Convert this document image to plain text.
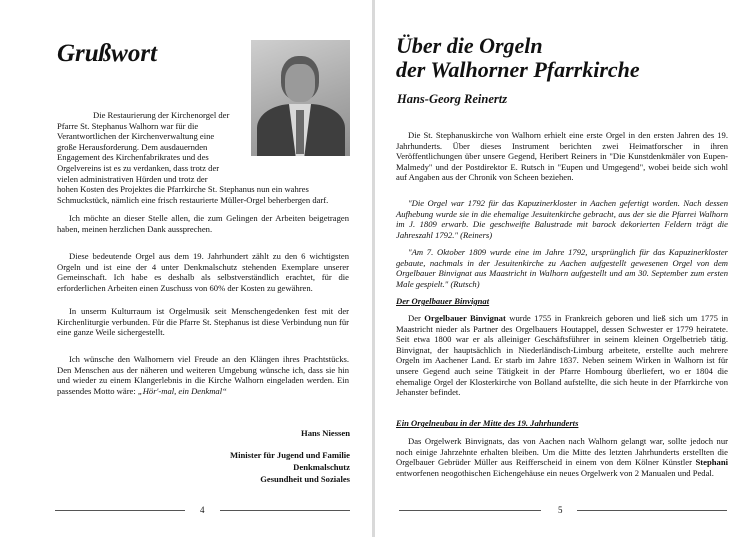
Grußwort

Die Restaurierung der Kirchenorgel der
Pfarre St. Stephanus Walhorn war für die
Verantwortlichen der Kirchenverwaltung eine
große Herausforderung. Dem ausdauernden
Engagement des Kirchenfabrikrates und des
Orgelvereins ist es zu verdanken, dass trotz der
vielen administrativen Hürden und trotz der
hohen Kosten des Projektes die Pfarrkirche St. Stephanus nun ein wahres
Schmuckstück, nämlich eine frisch restaurierte Müller-Orgel beherbergen darf.

Ich möchte an dieser Stelle allen, die zum Gelingen der Arbeiten beigetragen haben, meinen herzlichen Dank aussprechen.

Diese bedeutende Orgel aus dem 19. Jahrhundert zählt zu den 6 wichtigsten Orgeln und ist eine der 4 unter Denkmalschutz stehenden Exemplare unserer Gemeinschaft. Ich habe es deshalb als selbstverständlich erachtet, für die erforderlichen Arbeiten einen Zuschuss von 60% der Kosten zu gewähren.

In unserm Kulturraum ist Orgelmusik seit Menschengedenken fest mit der Kirchenliturgie verbunden. Für die Pfarre St. Stephanus ist diese Verbindung nun für eine ganze Weile sichergestellt.

Ich wünsche den Walhornern viel Freude an den Klängen ihres Prachtstücks. Den Menschen aus der näheren und weiteren Umgebung wünsche ich, dass sie hin und wieder zu einem Klangerlebnis in die Kirche Walhorn eingeladen werden. Ein passendes Motto wäre: „Hör'-mal, ein Denkmal“

Hans Niessen

Minister für Jugend und Familie
Denkmalschutz
Gesundheit und Soziales

4
Über die Orgeln
der Walhorner Pfarrkirche
Hans-Georg Reinertz

Die St. Stephanuskirche von Walhorn erhielt eine erste Orgel in den ersten Jahren des 19. Jahrhunderts. Über dieses Instrument berichten zwei Heimatforscher in ihren Veröffentlichungen über unsere Gegend, Heribert Reiners in "Die Kunstdenkmäler von Eupen-Malmedy" und der Postdirektor E. Rutsch in "Eupen und Umgegend", wobei beide sich wohl auf Angaben aus der Chronik von Scheen beziehen.

"Die Orgel war 1792 für das Kapuzinerkloster in Aachen gefertigt worden. Nach dessen Aufhebung wurde sie in die ehemalige Jesuitenkirche gebracht, aus der sie die Pfarrei Walhorn im J. 1809 erwarb. Die geschweifte Balustrade mit barock dekorierten Feldern trägt die Jahreszahl 1792." (Reiners)

"Am 7. Oktober 1809 wurde eine im Jahre 1792, ursprünglich für das Kapuzinerkloster gebaute, nachmals in der Jesuitenkirche zu Aachen aufgestellt gewesenen Orgel von dem Orgelbauer Binvignat aus Maastricht in Walhorn aufgestellt und am 30. September zum ersten Male gespielt." (Rutsch)

Der Orgelbauer Binvignat

Der Orgelbauer Binvignat wurde 1755 in Frankreich geboren und ließ sich um 1775 in Maastricht nieder als Partner des Orgelbauers Houtappel, dessen Schwester er 1779 heiratete. Seit etwa 1800 war er als alleiniger Geschäftsführer in seinem kleinen Orgelbetrieb tätig. Binvignat, der hauptsächlich in Niederländisch-Limburg arbeitete, erstellte auch mehrere Orgeln im Aachener Land. Er starb im Jahre 1837. Neben seinem Wirken in Walhorn ist für unsere Gegend auch seine Tätigkeit in der Pfarre Hombourg überliefert, wo er 1804 die ehemalige Orgel der Klosterkirche von Bolland aufstellte, die sich heute in der Pfarrkirche von Jehanster befindet.

Ein Orgelneubau in der Mitte des 19. Jahrhunderts

Das Orgelwerk Binvignats, das von Aachen nach Walhorn gelangt war, sollte jedoch nur noch einige Jahrzehnte erhalten bleiben. Um die Mitte des letzten Jahrhunderts erstellten die Orgelbauer Gebrüder Müller aus Reifferscheid in einem von dem Kölner Künstler Stephani entworfenen neogothischen Eichengehäuse ein neues Orgelwerk von 2 Manualen und Pedal.

5
